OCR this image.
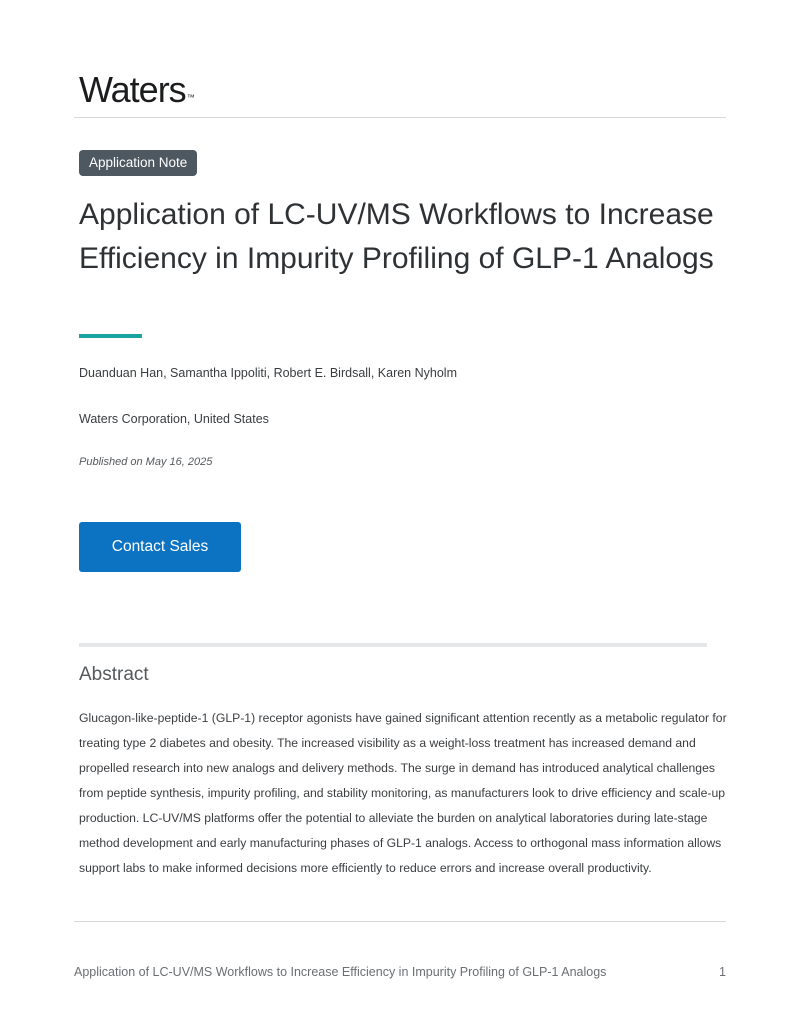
Waters™
Application Note
Application of LC-UV/MS Workflows to Increase Efficiency in Impurity Profiling of GLP-1 Analogs
Duanduan Han, Samantha Ippoliti, Robert E. Birdsall, Karen Nyholm
Waters Corporation, United States
Published on May 16, 2025
Contact Sales
Abstract

Glucagon-like-peptide-1 (GLP-1) receptor agonists have gained significant attention recently as a metabolic regulator for treating type 2 diabetes and obesity. The increased visibility as a weight-loss treatment has increased demand and propelled research into new analogs and delivery methods. The surge in demand has introduced analytical challenges from peptide synthesis, impurity profiling, and stability monitoring, as manufacturers look to drive efficiency and scale-up production. LC-UV/MS platforms offer the potential to alleviate the burden on analytical laboratories during late-stage method development and early manufacturing phases of GLP-1 analogs. Access to orthogonal mass information allows support labs to make informed decisions more efficiently to reduce errors and increase overall productivity.

Application of LC-UV/MS Workflows to Increase Efficiency in Impurity Profiling of GLP-1 Analogs	1
